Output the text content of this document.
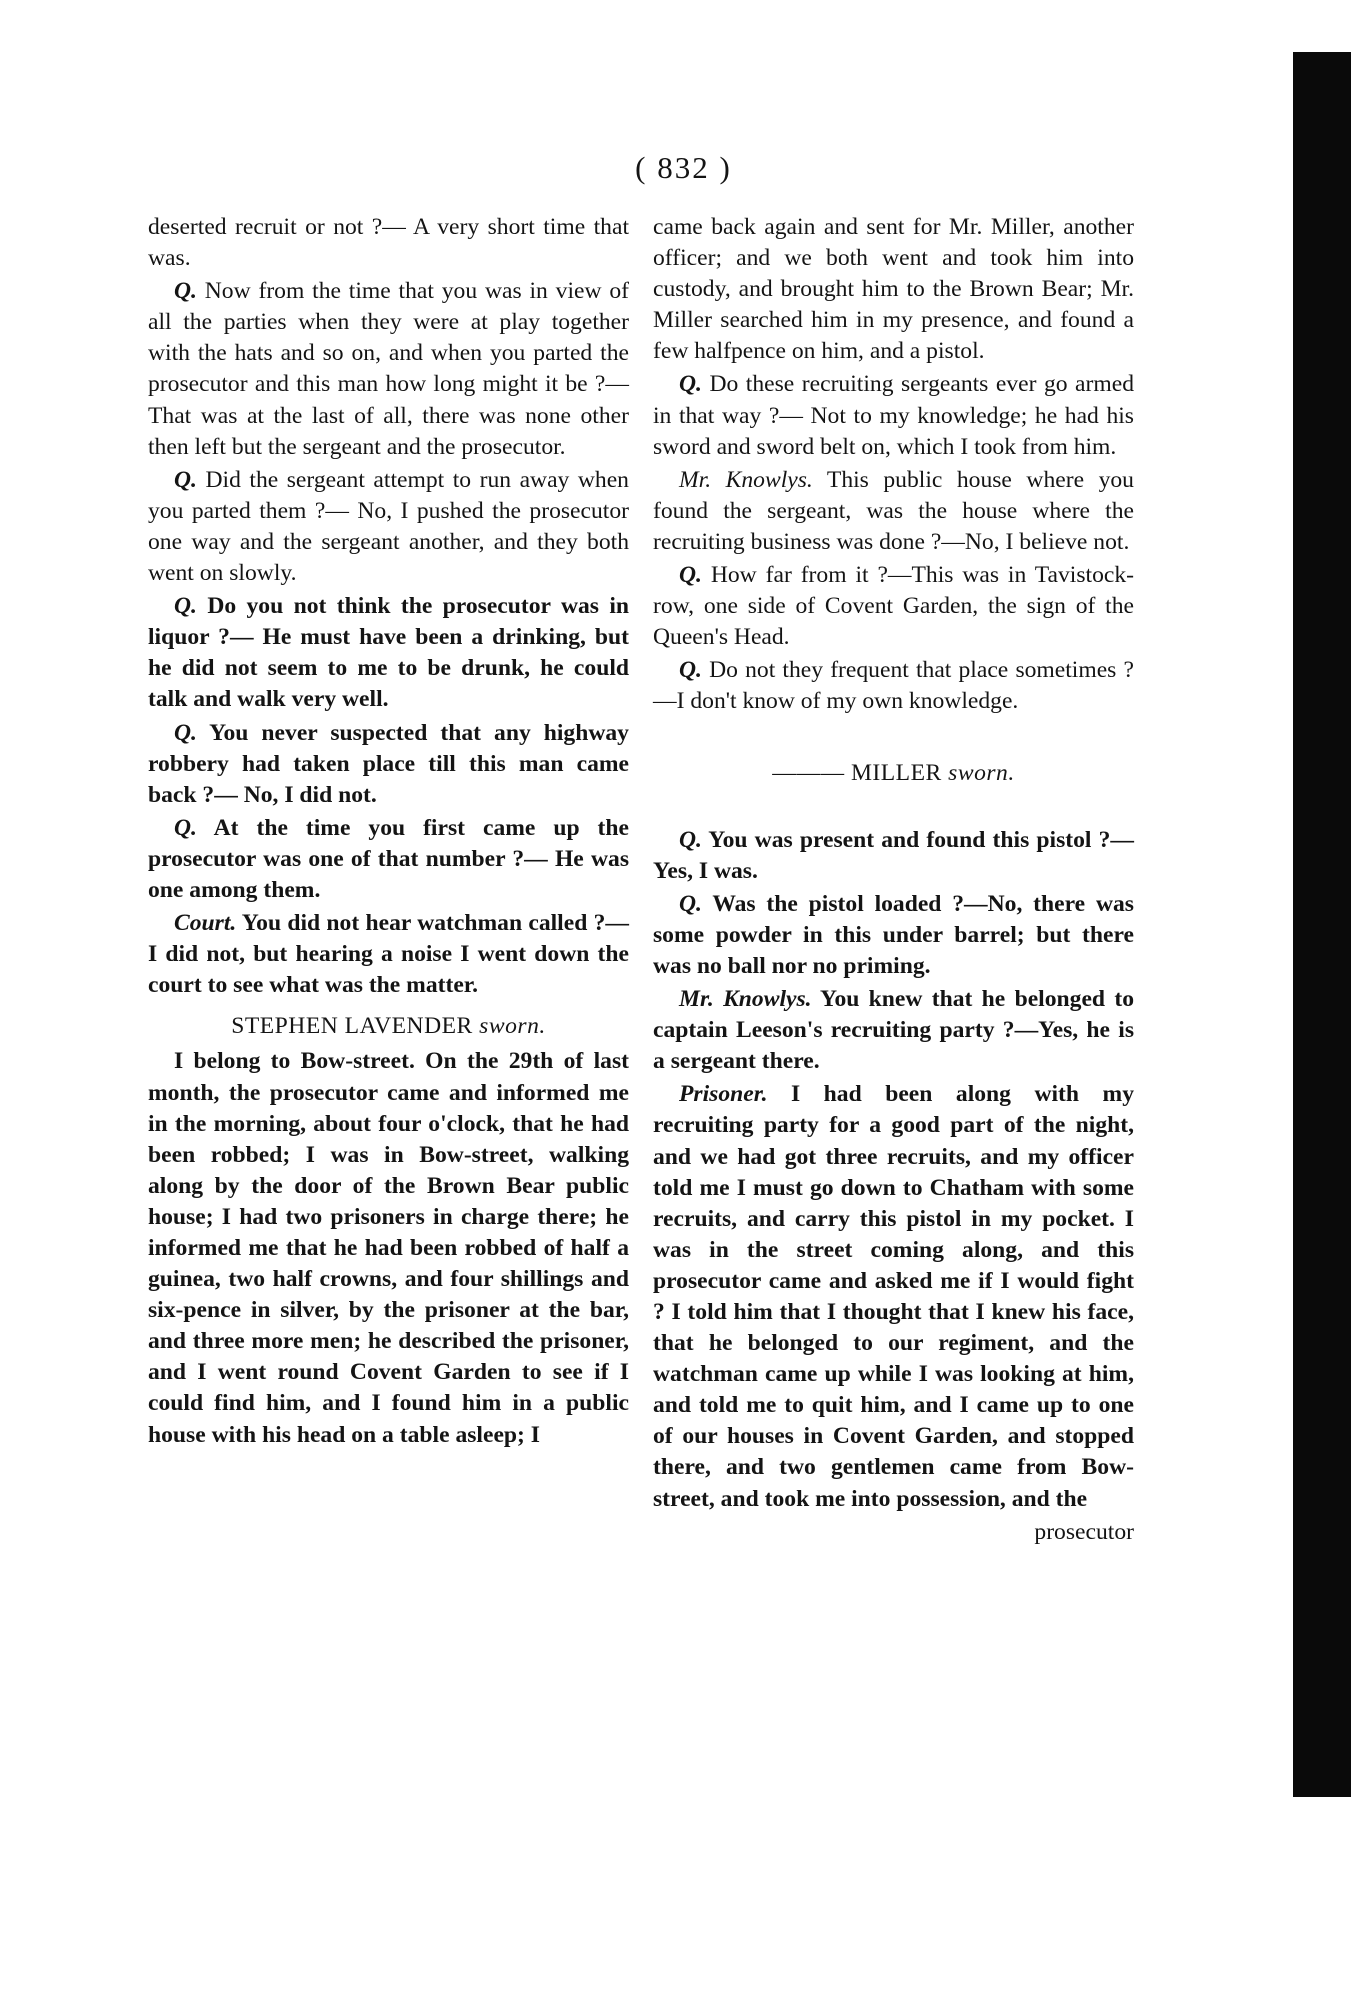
( 832 )

deserted recruit or not ?— A very short time that was.

Q. Now from the time that you was in view of all the parties when they were at play together with the hats and so on, and when you parted the prosecutor and this man how long might it be ?— That was at the last of all, there was none other then left but the sergeant and the prosecutor.

Q. Did the sergeant attempt to run away when you parted them ?— No, I pushed the prosecutor one way and the sergeant another, and they both went on slowly.

Q. Do you not think the prosecutor was in liquor ?— He must have been a drinking, but he did not seem to me to be drunk, he could talk and walk very well.

Q. You never suspected that any highway robbery had taken place till this man came back ?— No, I did not.

Q. At the time you first came up the prosecutor was one of that number ?— He was one among them.

Court. You did not hear watchman called ?— I did not, but hearing a noise I went down the court to see what was the matter.

STEPHEN LAVENDER sworn.

I belong to Bow-street. On the 29th of last month, the prosecutor came and informed me in the morning, about four o'clock, that he had been robbed; I was in Bow-street, walking along by the door of the Brown Bear public house; I had two prisoners in charge there; he informed me that he had been robbed of half a guinea, two half crowns, and four shillings and six-pence in silver, by the prisoner at the bar, and three more men; he described the prisoner, and I went round Covent Garden to see if I could find him, and I found him in a public house with his head on a table asleep; I

came back again and sent for Mr. Miller, another officer; and we both went and took him into custody, and brought him to the Brown Bear; Mr. Miller searched him in my presence, and found a few halfpence on him, and a pistol.

Q. Do these recruiting sergeants ever go armed in that way ?— Not to my knowledge; he had his sword and sword belt on, which I took from him.

Mr. Knowlys. This public house where you found the sergeant, was the house where the recruiting business was done ?—No, I believe not.

Q. How far from it ?—This was in Tavistock-row, one side of Covent Garden, the sign of the Queen's Head.

Q. Do not they frequent that place sometimes ?—I don't know of my own knowledge.

——— MILLER sworn.

Q. You was present and found this pistol ?—Yes, I was.

Q. Was the pistol loaded ?—No, there was some powder in this under barrel; but there was no ball nor no priming.

Mr. Knowlys. You knew that he belonged to captain Leeson's recruiting party ?—Yes, he is a sergeant there.

Prisoner. I had been along with my recruiting party for a good part of the night, and we had got three recruits, and my officer told me I must go down to Chatham with some recruits, and carry this pistol in my pocket. I was in the street coming along, and this prosecutor came and asked me if I would fight ? I told him that I thought that I knew his face, that he belonged to our regiment, and the watchman came up while I was looking at him, and told me to quit him, and I came up to one of our houses in Covent Garden, and stopped there, and two gentlemen came from Bow-street, and took me into possession, and the

prosecutor
